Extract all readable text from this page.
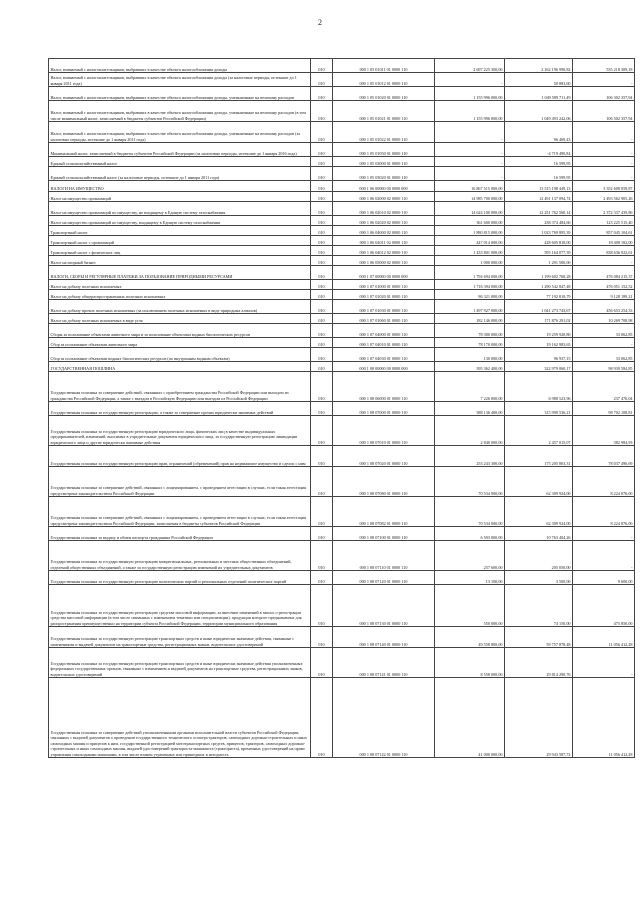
2
Налог, взимаемый с налогоплательщиков, выбравших в качестве объекта налогообложения доходы	010	000 1 05 01011 01 0000 110	2 697 225 300,00	2 162 196 990,82	535 218 309,18
Налог, взимаемый с налогоплательщиков, выбравших в качестве объекта налогообложения доходы (за налоговые периоды, истекшие до 1 января 2011 года)	010	000 1 05 01012 01 0000 110	-	50 883,60	-
Налог, взимаемый с налогоплательщиков, выбравших в качестве объекта налогообложения доходы, уменьшенные на величину расходов	010	000 1 05 01020 01 0000 110	1 155 996 000,00	1 049 589 711,49	106 302 357,94
Налог, взимаемый с налогоплательщиков, выбравших в качестве объекта налогообложения доходы, уменьшенные на величину расходов (в том числе минимальный налог, зачисляемый в бюджеты субъектов Российской Федерации)	010	000 1 05 01021 01 0000 110	1 155 996 000,00	1 049 493 242,06	106 502 357,94
Налог, взимаемый с налогоплательщиков, выбравших в качестве объекта налогообложения доходы, уменьшенные на величину расходов (за налоговые периоды, истекшие до 1 января 2011 года)	010	000 1 05 01022 01 0000 110	-	96 469,43	-
Минимальный налог, зачисляемый в бюджеты субъектов Российской Федерации (за налоговые периоды, истекшие до 1 января 2016 года)	010	000 1 05 01050 01 0000 110	-	-4 719 490,84	-
Единый сельскохозяйственный налог	010	000 1 05 03000 01 0000 110	-	16 599,95	-
Единый сельскохозяйственный налог (за налоговые периоды, истекшие до 1 января 2011 года)	010	000 1 05 03020 01 0000 110	-	16 599,95	-
НАЛОГИ НА ИМУЩЕСТВО	010	000 1 06 00000 00 0000 000	16 867 515 000,00	13 515 198 449,13	3 352 608 059,87
Налог на имущество организаций	010	000 1 06 02000 02 0000 110	14 985 700 000,00	12 491 137 094,74	2 493 562 905,26
Налог на имущество организаций по имуществу, не входящему в Единую систему газоснабжения	010	000 1 06 02010 02 0000 110	14 624 100 000,00	12 251 762 560,14	2 372 337 439,86
Налог на имущество организаций по имуществу, входящему в Единую систему газоснабжения	010	000 1 06 02020 02 0000 110	361 600 000,00	238 374 484,60	123 225 515,40
Транспортный налог	010	000 1 06 04000 02 0000 110	1 880 815 000,00	1 023 769 895,39	857 045 104,61
Транспортный налог с организаций	010	000 1 06 04011 02 0000 110	447 014 000,00	428 605 818,00	18 408 182,00
Транспортный налог с физических лиц	010	000 1 06 04012 02 0000 110	1 433 801 000,00	595 164 077,39	838 636 922,61
Налог на игорный бизнес	010	000 1 06 05000 02 0000 110	1 000 000,00	1 291 500,00	-
НАЛОГИ, СБОРЫ И РЕГУЛЯРНЫЕ ПЛАТЕЖИ ЗА ПОЛЬЗОВАНИЕ ПРИРОДНЫМИ РЕСУРСАМИ	010	000 1 07 00000 00 0000 000	1 794 694 000,00	1 199 602 768,28	476 084 215,37
Налог на добычу полезных ископаемых	010	000 1 07 01000 01 0000 110	1 716 394 000,00	1 290 542 847,48	476 051 152,52
Налог на добычу общераспространенных полезных ископаемых	010	000 1 07 01020 01 0000 110	86 321 000,00	77 192 810,79	9 128 189,21
Налог на добычу прочих полезных ископаемых (за исключением полезных ископаемых в виде природных алмазов)	010	000 1 07 01030 01 0000 110	1 497 927 000,00	1 041 273 743,67	456 653 254,33
Налог на добычу полезных ископаемых в виде угля	010	000 1 07 01060 01 0000 110	182 146 000,00	171 876 291,02	10 269 708,98
Сборы за пользование объектами животного мира и за пользование объектами водных биологических ресурсов	010	000 1 07 04000 01 0000 110	78 300 000,00	19 259 920,80	33 062,85
Сбор за пользование объектами животного мира	010	000 1 07 04010 01 0000 110	78 170 000,00	19 162 983,65	-
Сбор за пользование объектами водных биологических ресурсов (по внутренним водным объектам)	010	000 1 07 04030 01 0000 110	130 000,00	96 937,15	33 062,85
ГОСУДАРСТВЕННАЯ ПОШЛИНА	010	000 1 08 00000 00 0000 000	395 362 400,00	322 979 060,17	98 939 584,85
Государственная пошлина за совершение действий, связанных с приобретением гражданства Российской Федерации или выходом из гражданства Российской Федерации, а также с въездом в Российскую Федерацию или выездом из Российской Федерации	010	000 1 08 06000 01 0000 110	7 226 000,00	6 988 523,96	237 476,04
Государственная пошлина за государственную регистрацию, а также за совершение прочих юридически значимых действий	010	000 1 08 07000 01 0000 110	388 136 400,00	315 990 536,21	98 702 108,81
Государственная пошлина за государственную регистрацию юридического лица, физических лиц в качестве индивидуальных предпринимателей, изменений, вносимых в учредительные документы юридического лица, за государственную регистрацию ликвидации юридического лица и другие юридически значимые действия	010	000 1 08 07010 01 0000 110	2 840 000,00	2 457 015,07	382 984,93
Государственная пошлина за государственную регистрацию прав, ограничений (обременений) прав на недвижимое имущество и сделок с ним	010	000 1 08 07020 01 0000 110	253 243 300,00	175 205 803,31	78 037 496,69
Государственная пошлина за совершение действий, связанных с лицензированием, с проведением аттестации в случаях, если такая аттестация предусмотрена законодательством Российской Федерации	010	000 1 08 07080 01 0000 110	70 534 000,00	62 309 924,00	8 224 076,00
Государственная пошлина за совершение действий, связанных с лицензированием, с проведением аттестации в случаях, если такая аттестация предусмотрена законодательством Российской Федерации, зачисляемая в бюджеты субъектов Российской Федерации	010	000 1 08 07082 01 0000 110	70 534 000,00	62 309 924,00	8 224 076,00
Государственная пошлина за выдачу и обмен паспорта гражданина Российской Федерации	010	000 1 08 07100 01 0000 110	6 503 000,00	10 763 404,26	-
Государственная пошлина за государственную регистрацию межрегиональных, региональных и местных общественных объединений, отделений общественных объединений, а также за государственную регистрацию изменений их учредительных документов	010	000 1 08 07110 01 0000 110	257 600,00	205 050,00	-
Государственная пошлина за государственную регистрацию политических партий и региональных отделений политических партий	010	000 1 08 07120 01 0000 110	13 100,00	3 500,00	9 600,00
Государственная пошлина за государственную регистрацию средства массовой информации, за внесение изменений в запись о регистрации средства массовой информации (в том числе связанных с изменением тематики или специализации), продукция которого предназначена для распространения преимущественно на территории субъекта Российской Федерации, территории муниципального образования	010	000 1 08 07130 01 0000 110	550 000,00	74 150,00	475 850,00
Государственная пошлина за государственную регистрацию транспортных средств и иные юридически значимые действия, связанные с изменениями и выдачей документов на транспортные средства, регистрационных знаков, водительских удостоверений	010	000 1 08 07140 01 0000 110	49 558 800,00	59 757 878,48	11 056 412,28
Государственная пошлина за государственную регистрацию транспортных средств и иные юридически значимые действия уполномоченных федеральных государственных органов, связанные с изменением и выдачей документов на транспортные средства, регистрационных знаков, водительских удостоверений	010	000 1 08 07141 01 0000 110	8 558 000,00	29 814 290,76	-
Государственная пошлина за совершение действий уполномоченными органами исполнительной власти субъектов Российской Федерации, связанных с выдачей документов о проведении государственного технического осмотра тракторов, самоходных дорожно-строительных и иных самоходных машин и прицепов к ним, государственной регистрацией мототранспортных средств, прицепов, тракторов, самоходных дорожно-строительных и иных самоходных машин, выдачей удостоверений тракториста-машиниста (тракториста), временных удостоверений на право управления самоходными машинами, в том числе взамен утраченных или пришедших в негодность	010	000 1 08 07142 01 0000 110	41 000 000,00	29 943 587,72	11 056 412,28
